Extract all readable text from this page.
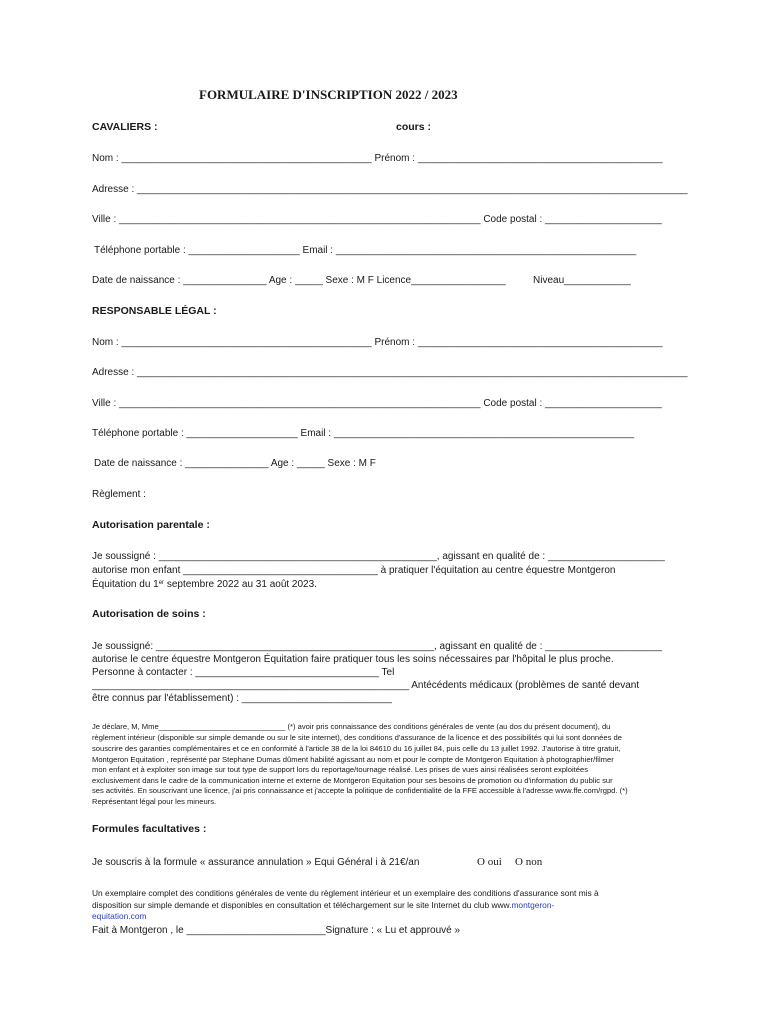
FORMULAIRE D'INSCRIPTION 2022 / 2023
CAVALIERS :	cours :
Nom : _____________________________________________ Prénom : ____________________________________________
Adresse : ___________________________________________________________________________________________________
Ville : _________________________________________________________________ Code postal : _____________________
Téléphone portable : ____________________ Email : ______________________________________________________
Date de naissance : _______________ Age : _____ Sexe : M F Licence_________________	Niveau____________
RESPONSABLE LÉGAL :
Nom : _____________________________________________ Prénom : ____________________________________________
Adresse : ___________________________________________________________________________________________________
Ville : _________________________________________________________________ Code postal : _____________________
Téléphone portable : ____________________ Email : ______________________________________________________
Date de naissance : _______________ Age : _____ Sexe : M F
Règlement :
Autorisation parentale :
Je soussigné : __________________________________________________, agissant en qualité de : _____________________
autorise mon enfant ___________________________________ à pratiquer l'équitation au centre équestre Montgeron
Équitation du 1er septembre 2022 au 31 août 2023.
Autorisation de soins :
Je soussigné: __________________________________________________, agissant en qualité de : _____________________
autorise le centre équestre Montgeron Équitation faire pratiquer tous les soins nécessaires par l'hôpital le plus proche.
Personne à contacter : _________________________________ Tel
_________________________________________________________ Antécédents médicaux (problèmes de santé devant
être connus par l'établissement) : ___________________________
Je déclare, M, Mme______________________________ (*) avoir pris connaissance des conditions générales de vente (au dos du présent document), du
règlement intérieur (disponible sur simple demande ou sur le site internet), des conditions d'assurance de la licence et des possibilités qui lui sont données de
souscrire des garanties complémentaires et ce en conformité à l'article 38 de la loi 84610 du 16 juillet 84, puis celle du 13 juillet 1992. J'autorise à titre gratuit,
Montgeron Equitation , représenté par Stephane Dumas dûment habilité agissant au nom et pour le compte de Montgeron Equitation à photographier/filmer
mon enfant et à exploiter son image sur tout type de support lors du reportage/tournage réalisé. Les prises de vues ainsi réalisées seront exploitées
exclusivement dans le cadre de la communication interne et externe de Montgeron Equitation pour ses besoins de promotion ou d'information du public sur
ses activités. En souscrivant une licence, j'ai pris connaissance et j'accepte la politique de confidentialité de la FFE accessible à l'adresse www.ffe.com/rgpd. (*)
Représentant légal pour les mineurs.
Formules facultatives :
Je souscris à la formule « assurance annulation » Equi Général i à 21€/an	O oui O non
Un exemplaire complet des conditions générales de vente du règlement intérieur et un exemplaire des conditions d'assurance sont mis à
disposition sur simple demande et disponibles en consultation et téléchargement sur le site Internet du club www.montgeron-
equitation.com
Fait à Montgeron , le _________________________Signature : « Lu et approuvé »
